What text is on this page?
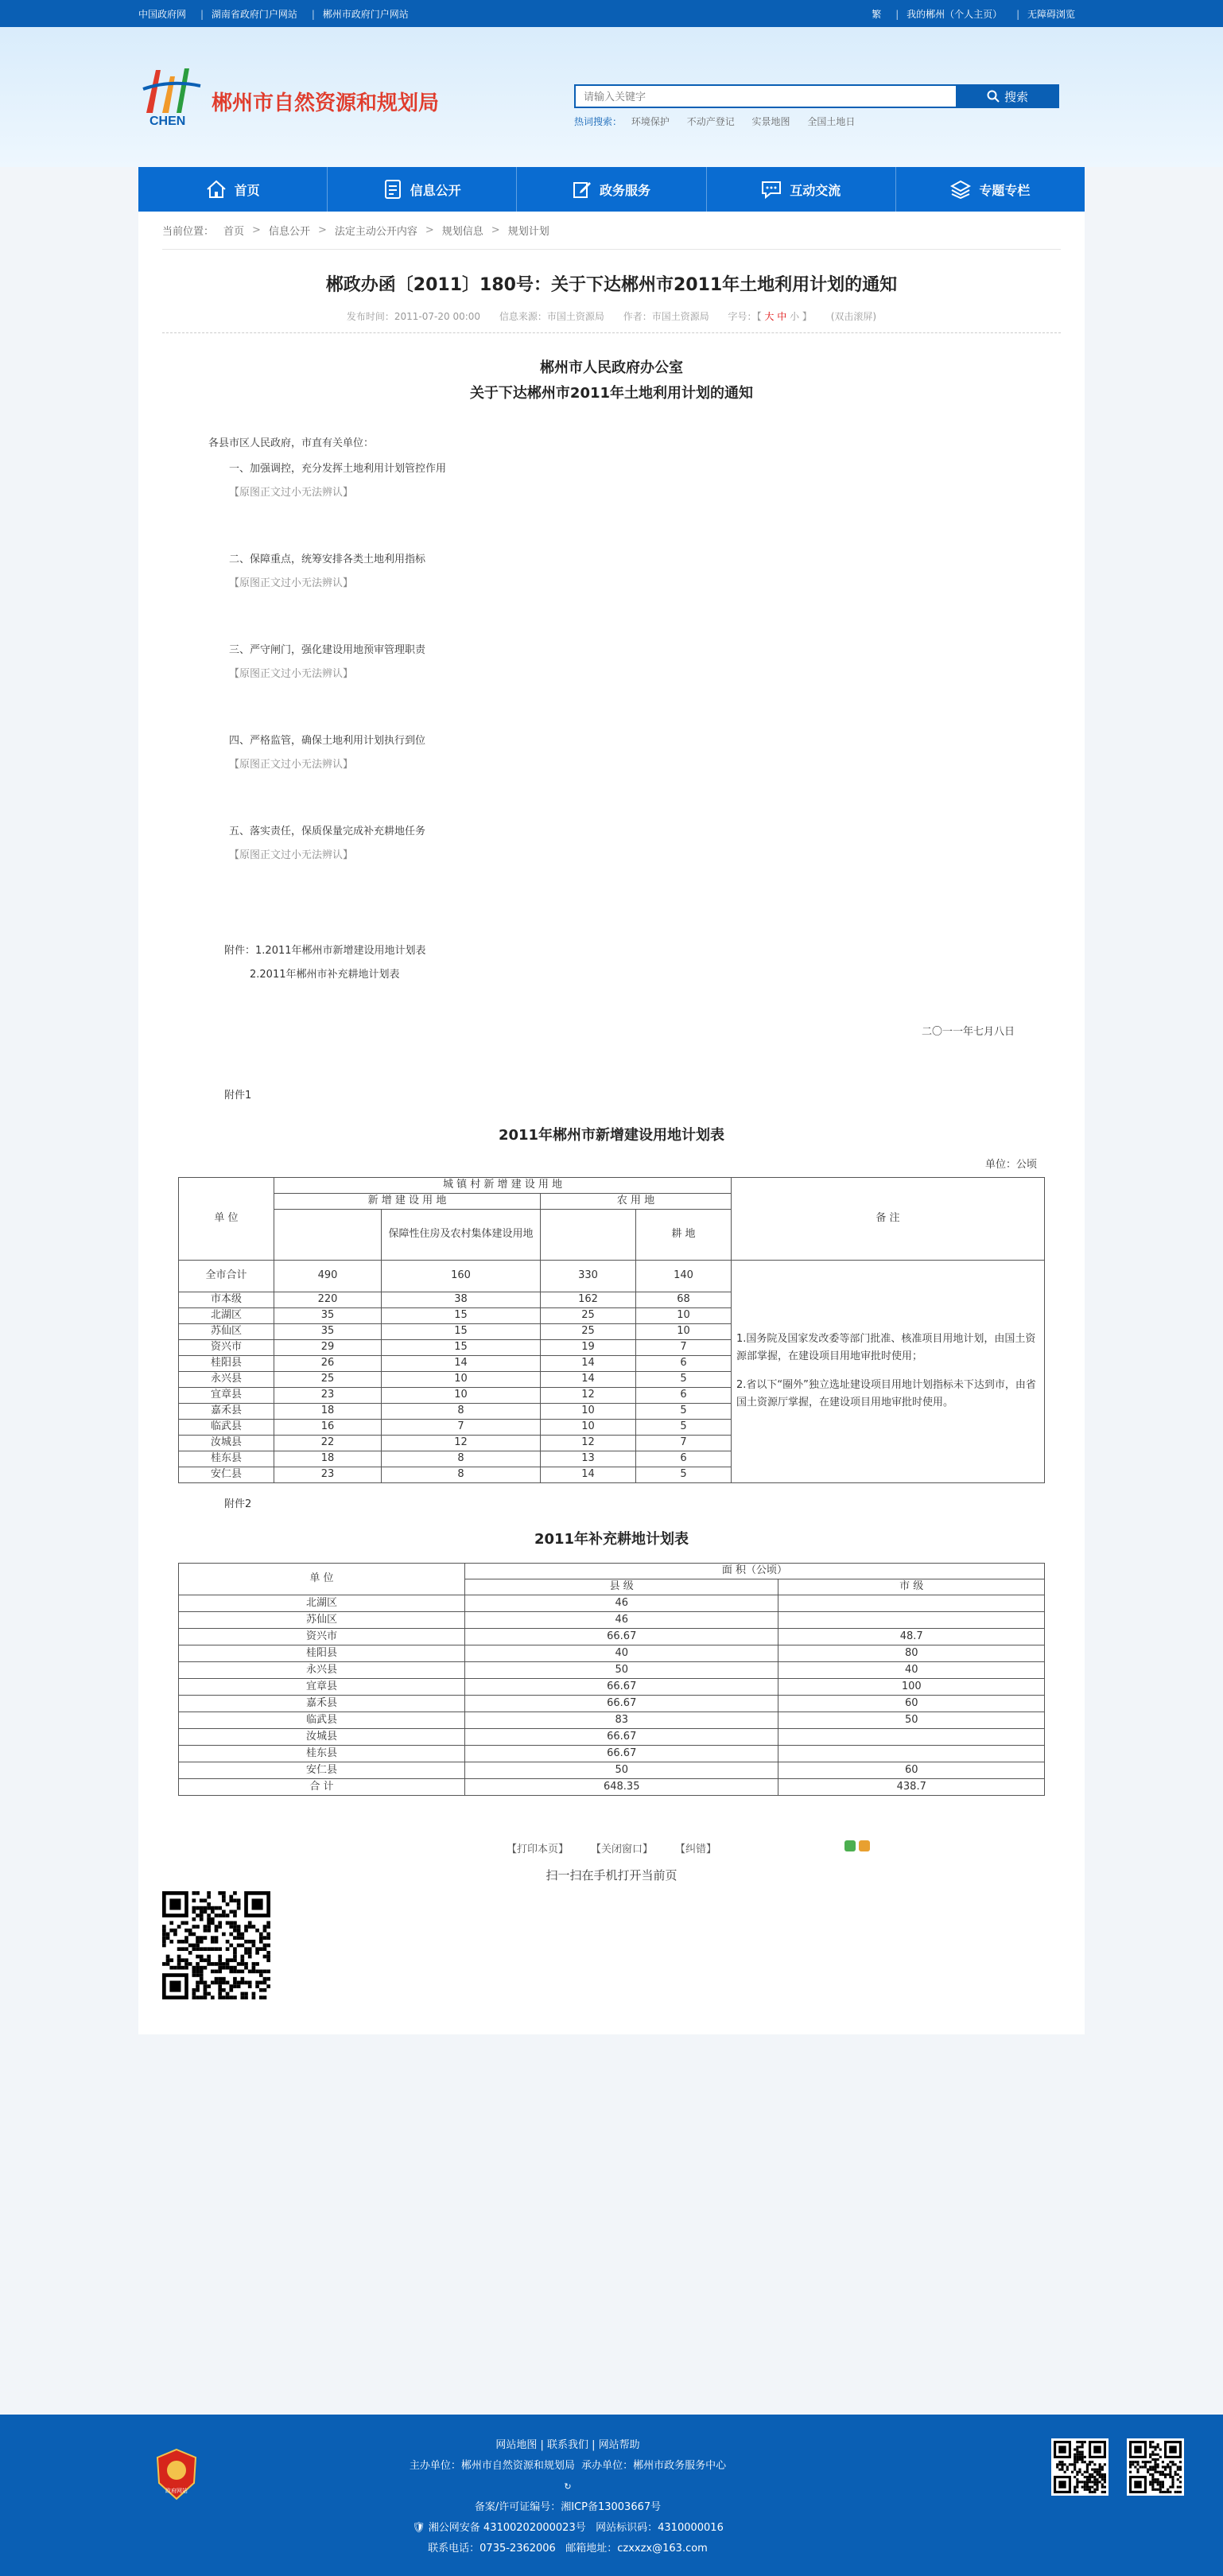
中国政府网 | 湖南省政府门户网站 | 郴州市政府门户网站	繁 | 我的郴州（个人主页） | 无障碍浏览
CHEN
郴州市自然资源和规划局
请输入关键字	搜索
热词搜索： 环境保护 不动产登记 实景地图 全国土地日
首页	信息公开	政务服务	互动交流	专题专栏
当前位置： 首页 > 信息公开 > 法定主动公开内容 > 规划信息 > 规划计划
郴政办函〔2011〕180号：关于下达郴州市2011年土地利用计划的通知
发布时间：2011-07-20 00:00 信息来源：市国土资源局 作者：市国土资源局 字号：【 大 中 小 】 (双击滚屏)
郴州市人民政府办公室
关于下达郴州市2011年土地利用计划的通知

各县市区人民政府，市直有关单位：

一、加强调控，充分发挥土地利用计划管控作用

【原图正文过小无法辨认】

二、保障重点，统筹安排各类土地利用指标

【原图正文过小无法辨认】

三、严守闸门，强化建设用地预审管理职责

【原图正文过小无法辨认】

四、严格监管，确保土地利用计划执行到位

【原图正文过小无法辨认】

五、落实责任，保质保量完成补充耕地任务

【原图正文过小无法辨认】

附件：1.2011年郴州市新增建设用地计划表
2.2011年郴州市补充耕地计划表
二〇一一年七月八日
附件1
2011年郴州市新增建设用地计划表
单位：公顷
单 位	城 镇 村 新 增 建 设 用 地				备 注
	新 增 建 设 用 地		农 用 地		
		保障性住房及农村集体建设用地		耕 地	
全市合计	490	160	330	140	1.国务院及国家发改委等部门批准、核准项目用地计划，由国土资源部掌握，在建设项目用地审批时使用；
2.省以下“圈外”独立选址建设项目用地计划指标未下达到市，由省国土资源厅掌握，在建设项目用地审批时使用。

市本级	220	38	162	68	
北湖区	35	15	25	10	
苏仙区	35	15	25	10	
资兴市	29	15	19	7	
桂阳县	26	14	14	6	
永兴县	25	10	14	5	
宜章县	23	10	12	6	
嘉禾县	18	8	10	5	
临武县	16	7	10	5	
汝城县	22	12	12	7	
桂东县	18	8	13	6	
安仁县	23	8	14	5	
附件2
2011年补充耕地计划表
单 位	面 积（公顷）	
	县 级	市 级
北湖区	46	
苏仙区	46	
资兴市	66.67	48.7
桂阳县	40	80
永兴县	50	40
宜章县	66.67	100
嘉禾县	66.67	60
临武县	83	50
汝城县	66.67	
桂东县	66.67	
安仁县	50	60
合 计	648.35	438.7
【打印本页】 【关闭窗口】 【纠错】
扫一扫在手机打开当前页
政府网站
网站地图 | 联系我们 | 网站帮助
主办单位：郴州市自然资源和规划局 承办单位：郴州市政务服务中心
↻
备案/许可证编号：湘ICP备13003667号
🛡 湘公网安备 43100202000023号 网站标识码：4310000016
联系电话：0735-2362006 邮箱地址：czxxzx@163.com
